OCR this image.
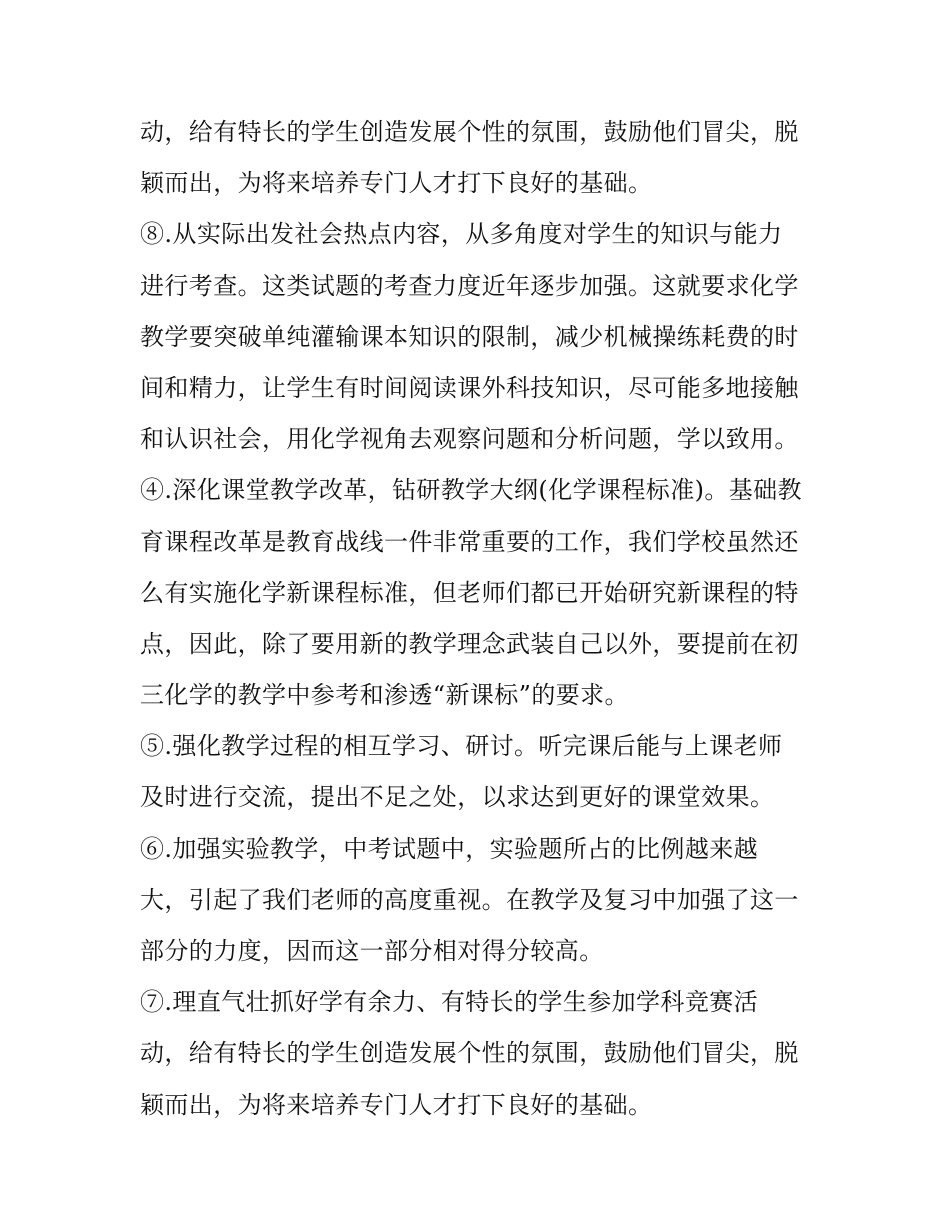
动，给有特长的学生创造发展个性的氛围，鼓励他们冒尖，脱
颖而出，为将来培养专门人才打下良好的基础。
⑧.从实际出发社会热点内容，从多角度对学生的知识与能力
进行考查。这类试题的考查力度近年逐步加强。这就要求化学
教学要突破单纯灌输课本知识的限制，减少机械操练耗费的时
间和精力，让学生有时间阅读课外科技知识，尽可能多地接触
和认识社会，用化学视角去观察问题和分析问题，学以致用。
④.深化课堂教学改革，钻研教学大纲(化学课程标准)。基础教
育课程改革是教育战线一件非常重要的工作，我们学校虽然还
么有实施化学新课程标准，但老师们都已开始研究新课程的特
点，因此，除了要用新的教学理念武装自己以外，要提前在初
三化学的教学中参考和渗透“新课标”的要求。
⑤.强化教学过程的相互学习、研讨。听完课后能与上课老师
及时进行交流，提出不足之处，以求达到更好的课堂效果。
⑥.加强实验教学，中考试题中，实验题所占的比例越来越
大，引起了我们老师的高度重视。在教学及复习中加强了这一
部分的力度，因而这一部分相对得分较高。
⑦.理直气壮抓好学有余力、有特长的学生参加学科竞赛活
动，给有特长的学生创造发展个性的氛围，鼓励他们冒尖，脱
颖而出，为将来培养专门人才打下良好的基础。
